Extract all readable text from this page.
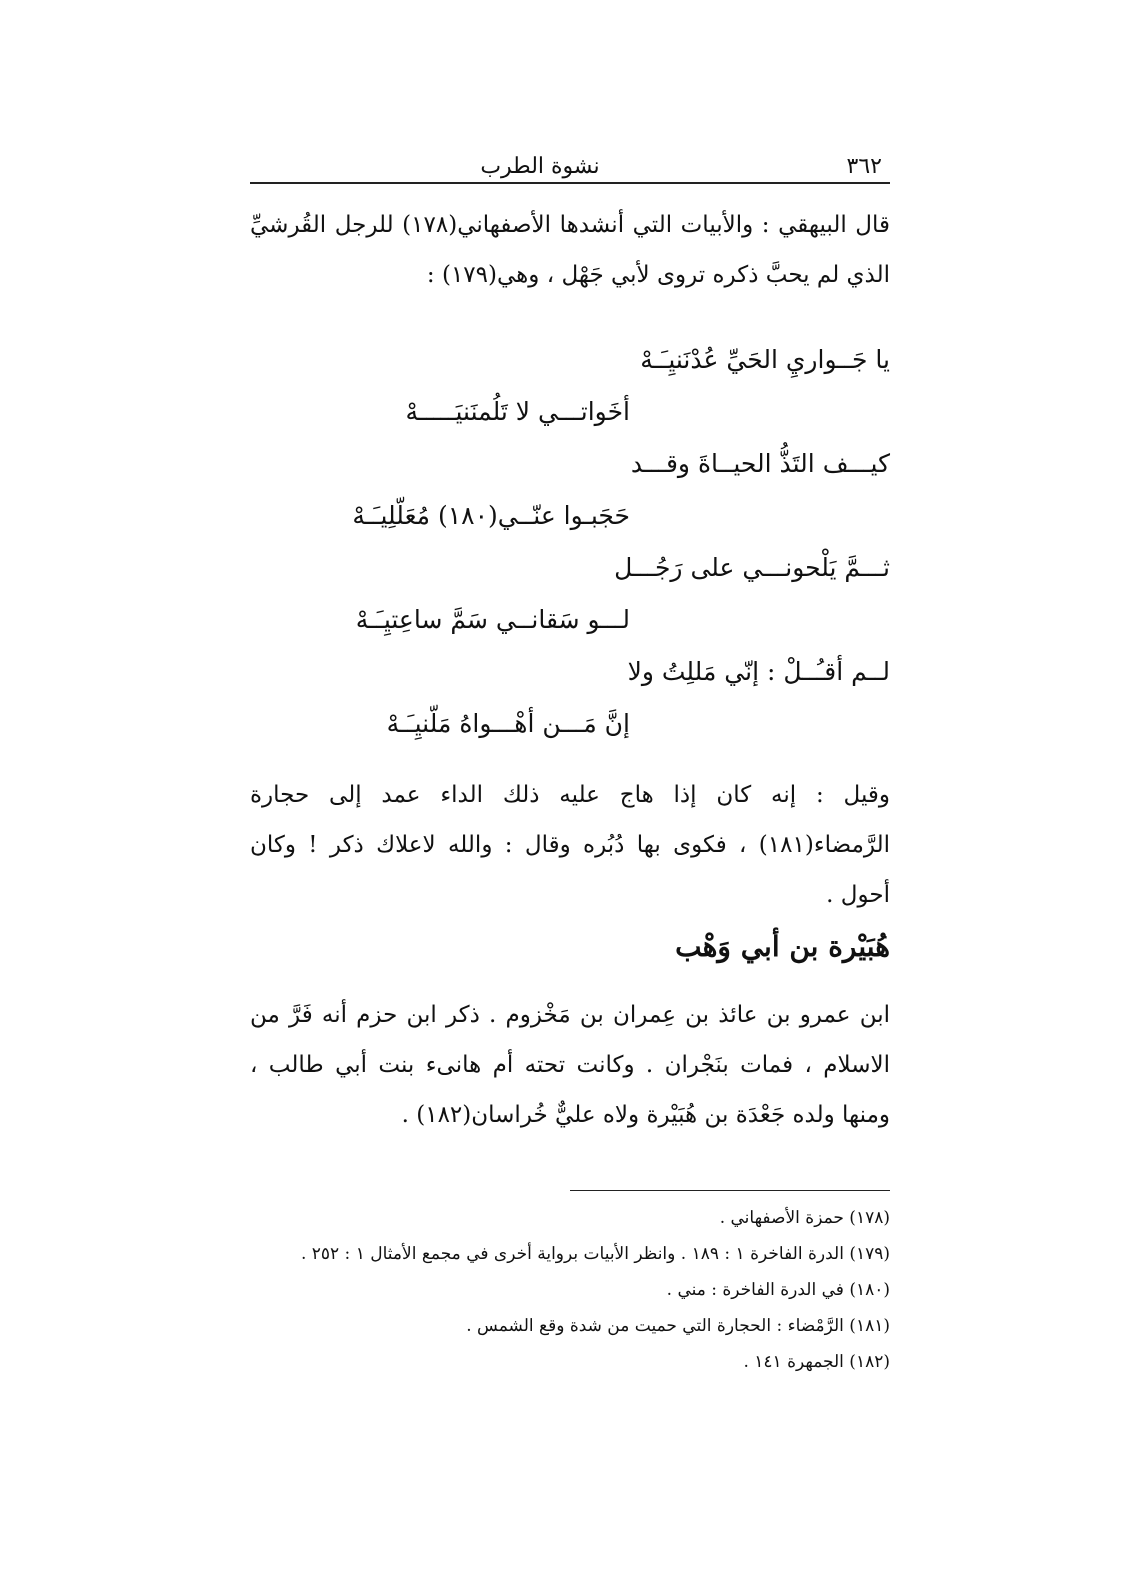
٣٦٢
نشوة الطرب
قال البيهقي : والأبيات التي أنشدها الأصفهاني(١٧٨) للرجل القُرشيِّ الذي لم يحبَّ ذكره تروى لأبي جَهْل ، وهي(١٧٩) :
يا جَــواريِ الحَيِّ عُدْنَنيِـَـهْ
أخَواتـــي لا تَلُمنَنيَـــــهْ
كيـــف التَذُّ الحيــاةَ وقـــد
حَجَبـوا عنّــي(١٨٠) مُعَلّلِيـَـهْ
ثـــمَّ يَلْحونـــي على رَجُـــل
لـــو سَقانــي سَمَّ ساعِتيِـَـهْ
لــم أقـُــلْ : إنّي مَللِتُ ولا
إنَّ مَـــن أهْـــواهُ مَلّنيِـَـهْ
وقيل : إنه كان إذا هاج عليه ذلك الداء عمد إلى حجارة الرَّمضاء(١٨١) ، فكوى بها دُبُره وقال : والله لاعلاك ذكر ! وكان أحول .
هُبَيْرة بن أبي وَهْب
ابن عمرو بن عائذ بن عِمران بن مَخْزوم . ذكر ابن حزم أنه فَرَّ من الاسلام ، فمات بنَجْران . وكانت تحته أم هانىء بنت أبي طالب ، ومنها ولده جَعْدَة بن هُبَيْرة ولاه عليٌّ خُراسان(١٨٢) .
(١٧٨) حمزة الأصفهاني .
(١٧٩) الدرة الفاخرة ١ : ١٨٩ . وانظر الأبيات برواية أخرى في مجمع الأمثال ١ : ٢٥٢ .
(١٨٠) في الدرة الفاخرة : مني .
(١٨١) الرَّمْضاء : الحجارة التي حميت من شدة وقع الشمس .
(١٨٢) الجمهرة ١٤١ .
